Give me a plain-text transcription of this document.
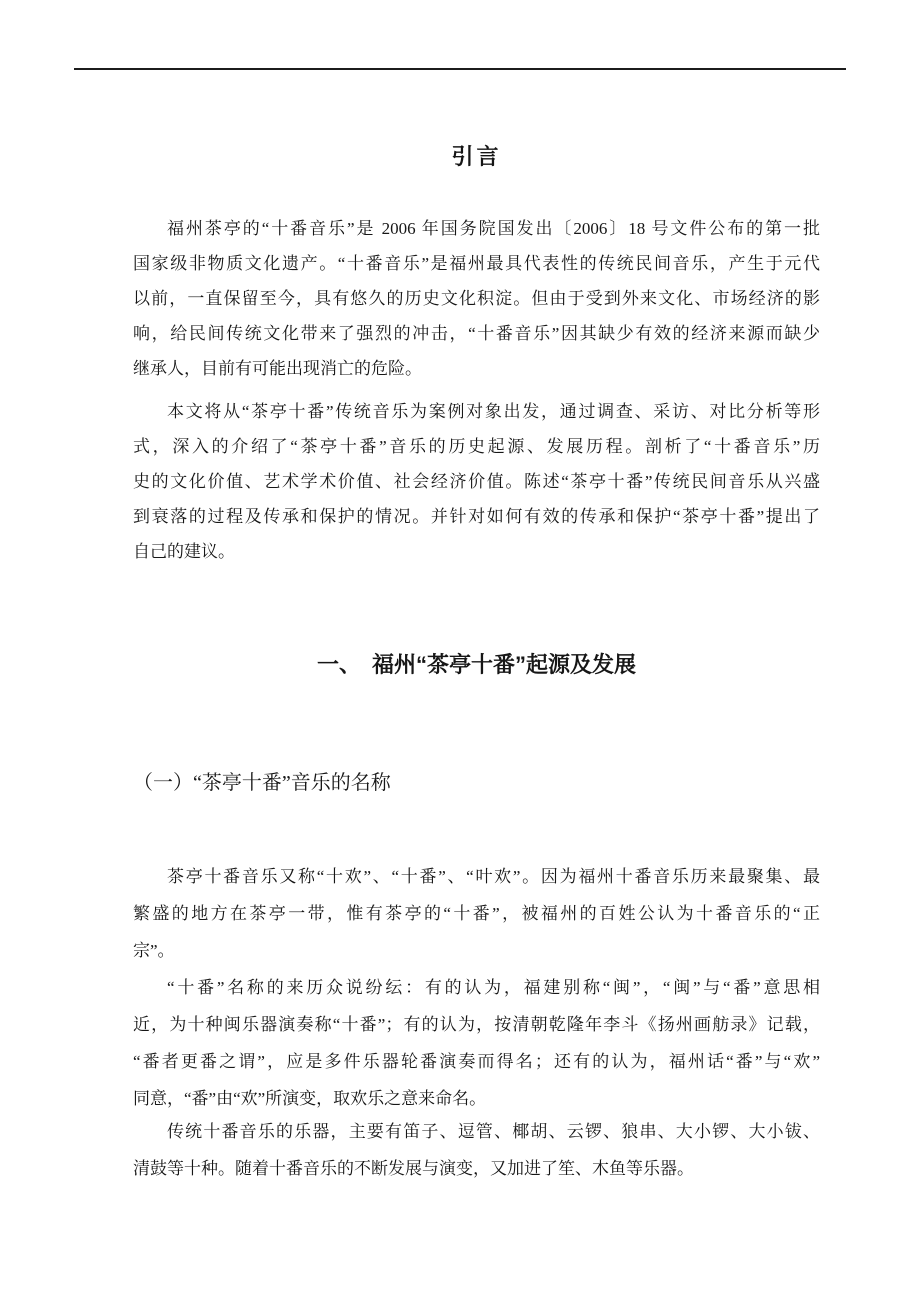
引言
福州茶亭的“十番音乐”是 2006 年国务院国发出〔2006〕18 号文件公布的第一批
国家级非物质文化遗产。“十番音乐”是福州最具代表性的传统民间音乐，产生于元代
以前，一直保留至今，具有悠久的历史文化积淀。但由于受到外来文化、市场经济的影
响，给民间传统文化带来了强烈的冲击，“十番音乐”因其缺少有效的经济来源而缺少
继承人，目前有可能出现消亡的危险。
本文将从“茶亭十番”传统音乐为案例对象出发，通过调查、采访、对比分析等形
式，深入的介绍了“茶亭十番”音乐的历史起源、发展历程。剖析了“十番音乐”历
史的文化价值、艺术学术价值、社会经济价值。陈述“茶亭十番”传统民间音乐从兴盛
到衰落的过程及传承和保护的情况。并针对如何有效的传承和保护“茶亭十番”提出了
自己的建议。
一、　福州“茶亭十番”起源及发展
（一）“茶亭十番”音乐的名称
茶亭十番音乐又称“十欢”、“十番”、“叶欢”。因为福州十番音乐历来最聚集、最
繁盛的地方在茶亭一带，惟有茶亭的“十番”，被福州的百姓公认为十番音乐的“正
宗”。
“十番”名称的来历众说纷纭：有的认为，福建别称“闽”，“闽”与“番”意思相
近，为十种闽乐器演奏称“十番”；有的认为，按清朝乾隆年李斗《扬州画舫录》记载，
“番者更番之谓”，应是多件乐器轮番演奏而得名；还有的认为，福州话“番”与“欢”
同意，“番”由“欢”所演变，取欢乐之意来命名。
传统十番音乐的乐器，主要有笛子、逗管、椰胡、云锣、狼串、大小锣、大小钹、
清鼓等十种。随着十番音乐的不断发展与演变，又加进了笙、木鱼等乐器。
